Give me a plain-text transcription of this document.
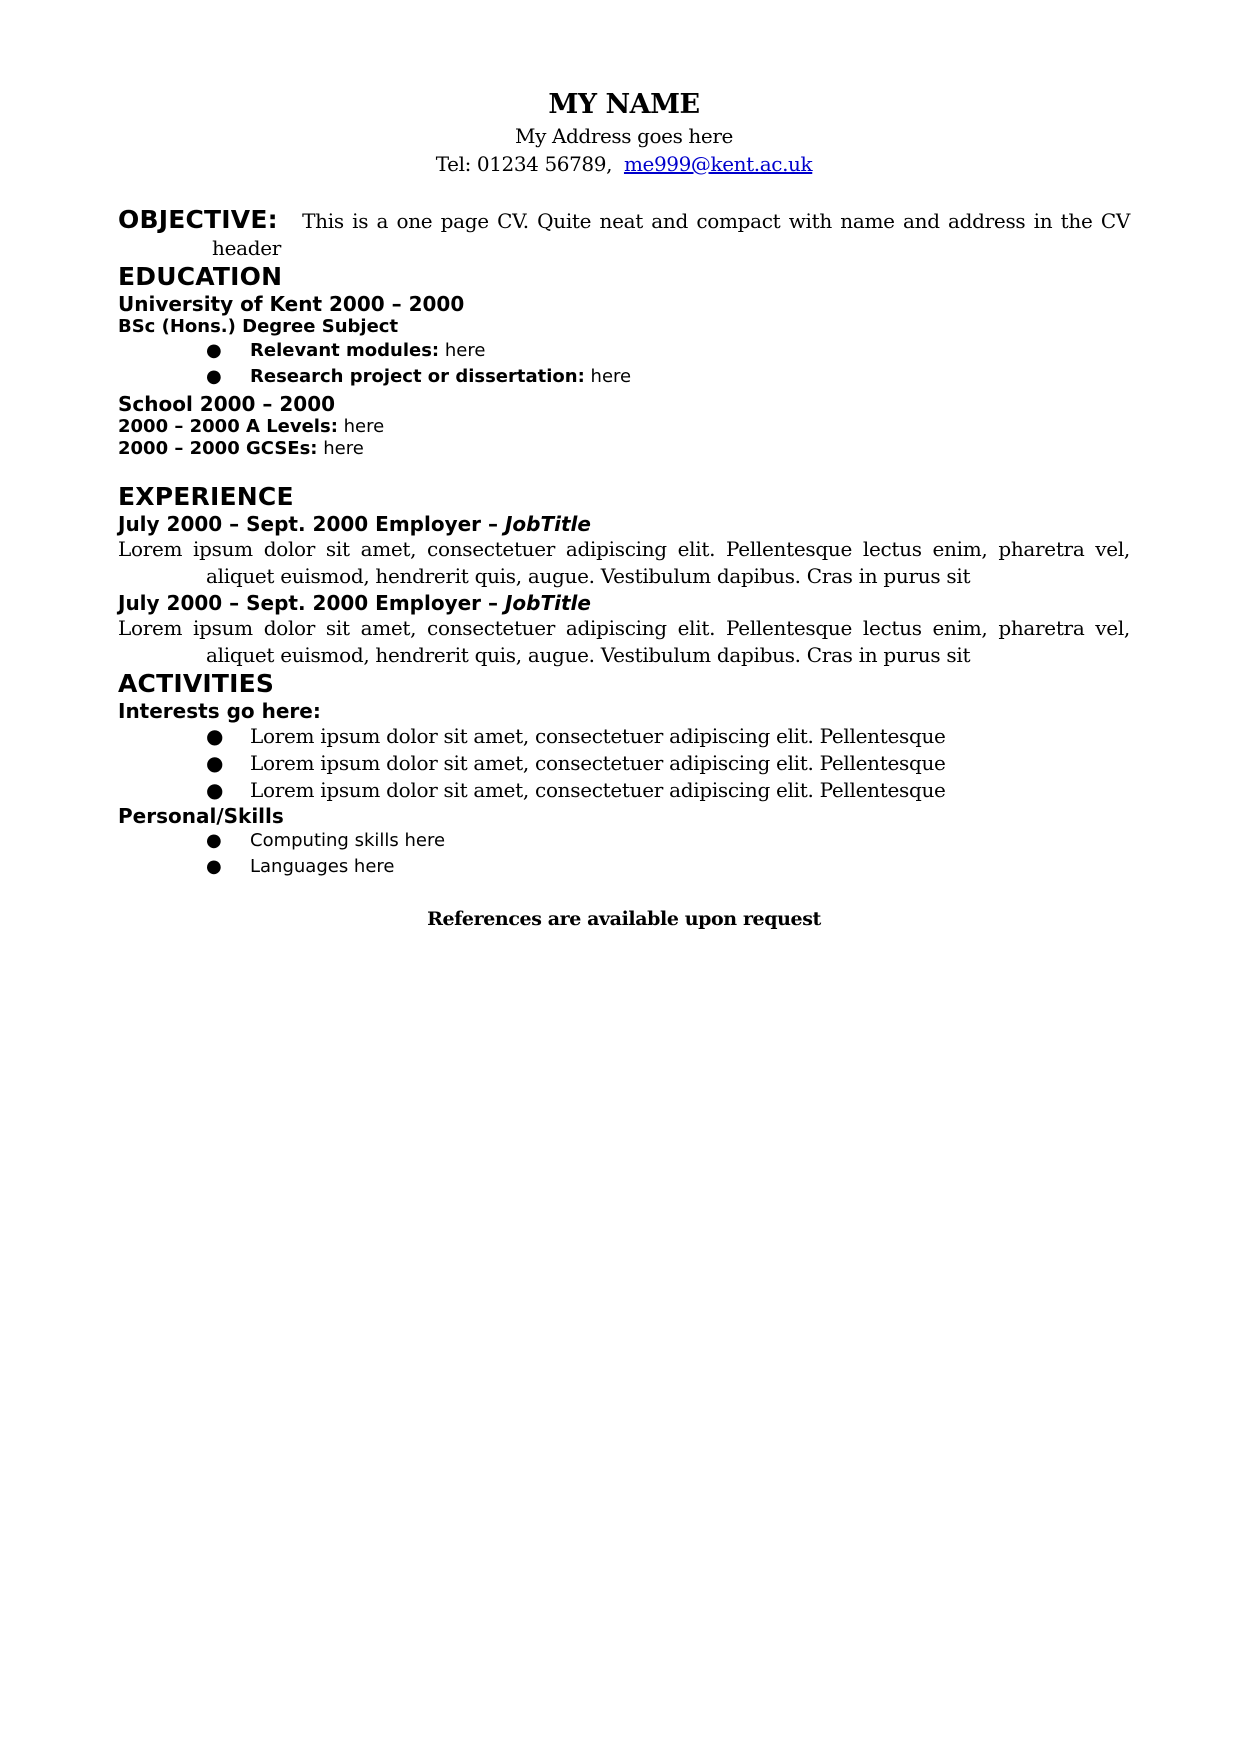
MY NAME
My Address goes here
Tel: 01234 56789, me999@kent.ac.uk
OBJECTIVE: This is a one page CV. Quite neat and compact with name and address in the CV header
EDUCATION
University of Kent 2000 – 2000
BSc (Hons.) Degree Subject
● Relevant modules: here
● Research project or dissertation: here
School 2000 – 2000
2000 – 2000 A Levels: here
2000 – 2000 GCSEs: here
EXPERIENCE
July 2000 – Sept. 2000 Employer – JobTitle
Lorem ipsum dolor sit amet, consectetuer adipiscing elit. Pellentesque lectus enim, pharetra vel, aliquet euismod, hendrerit quis, augue. Vestibulum dapibus. Cras in purus sit
July 2000 – Sept. 2000 Employer – JobTitle
Lorem ipsum dolor sit amet, consectetuer adipiscing elit. Pellentesque lectus enim, pharetra vel, aliquet euismod, hendrerit quis, augue. Vestibulum dapibus. Cras in purus sit
ACTIVITIES
Interests go here:
● Lorem ipsum dolor sit amet, consectetuer adipiscing elit. Pellentesque
● Lorem ipsum dolor sit amet, consectetuer adipiscing elit. Pellentesque
● Lorem ipsum dolor sit amet, consectetuer adipiscing elit. Pellentesque
Personal/Skills
● Computing skills here
● Languages here
References are available upon request
